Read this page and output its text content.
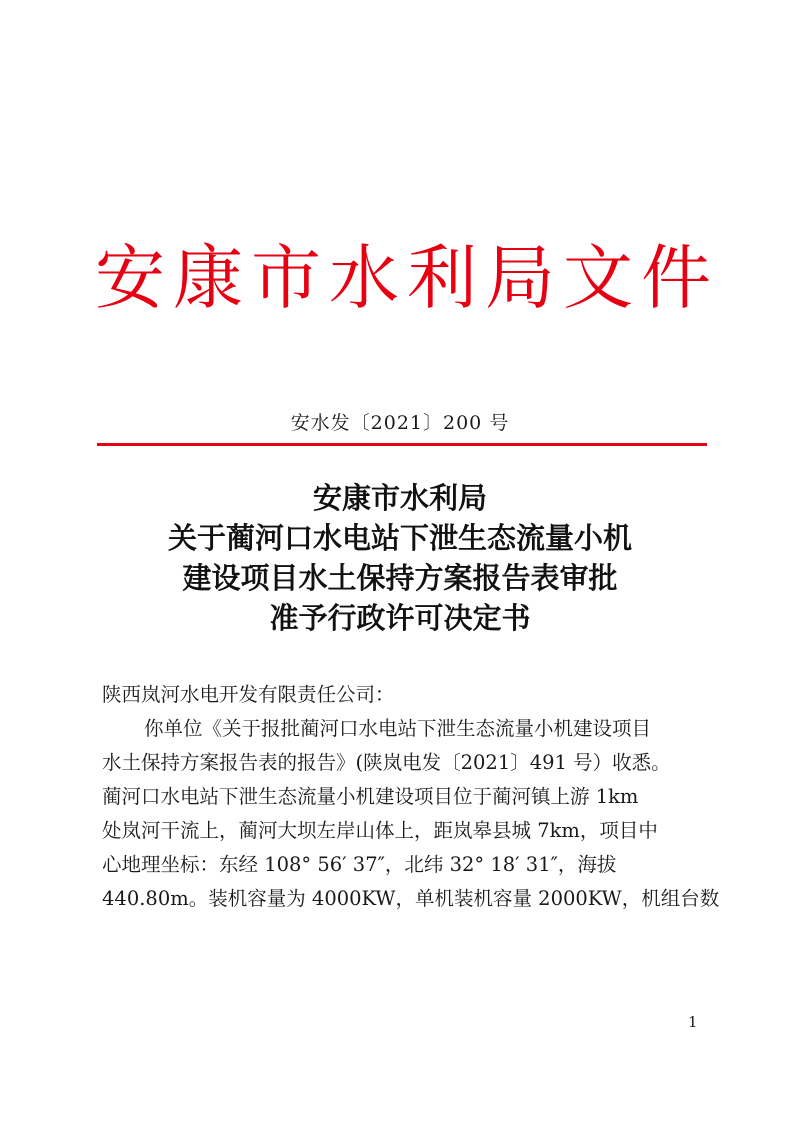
安康市水利局文件
安水发〔2021〕200 号
安康市水利局
关于蔺河口水电站下泄生态流量小机
建设项目水土保持方案报告表审批
准予行政许可决定书
陕西岚河水电开发有限责任公司：
你单位《关于报批蔺河口水电站下泄生态流量小机建设项目
水土保持方案报告表的报告》(陕岚电发〔2021〕491 号）收悉。
蔺河口水电站下泄生态流量小机建设项目位于蔺河镇上游 1km
处岚河干流上，蔺河大坝左岸山体上，距岚皋县城 7km，项目中
心地理坐标：东经 108° 56′ 37″，北纬 32° 18′ 31″，海拔
440.80m。装机容量为 4000KW，单机装机容量 2000KW，机组台数
1
